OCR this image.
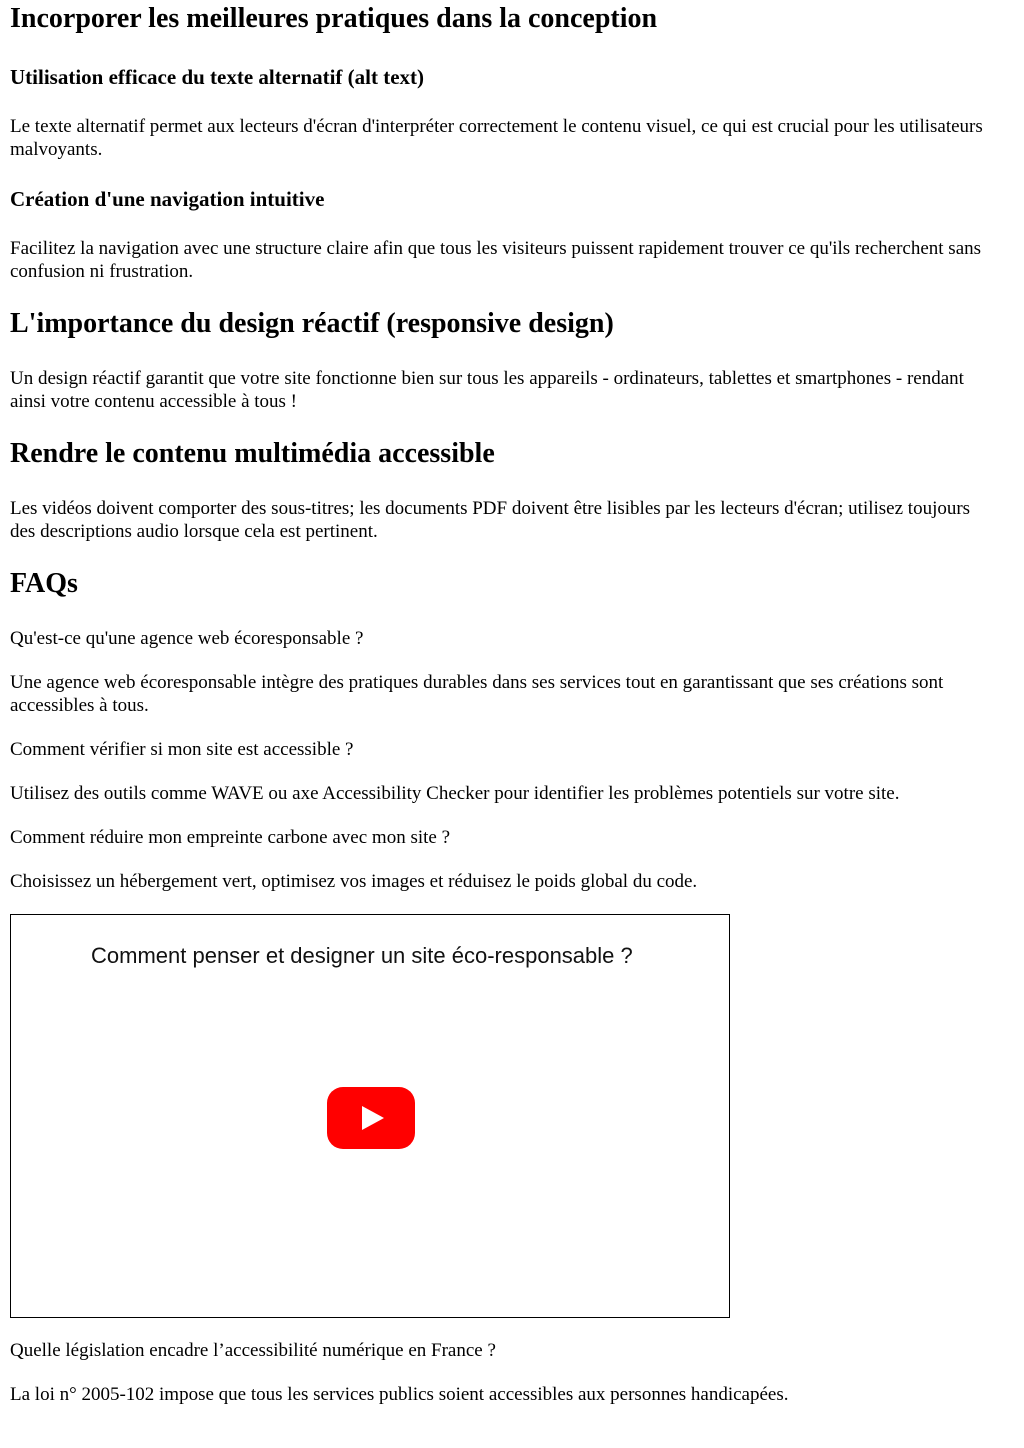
Incorporer les meilleures pratiques dans la conception
Utilisation efficace du texte alternatif (alt text)

Le texte alternatif permet aux lecteurs d'écran d'interpréter correctement le contenu visuel, ce qui est crucial pour les utilisateurs malvoyants.

Création d'une navigation intuitive

Facilitez la navigation avec une structure claire afin que tous les visiteurs puissent rapidement trouver ce qu'ils recherchent sans confusion ni frustration.

L'importance du design réactif (responsive design)

Un design réactif garantit que votre site fonctionne bien sur tous les appareils - ordinateurs, tablettes et smartphones - rendant ainsi votre contenu accessible à tous !

Rendre le contenu multimédia accessible

Les vidéos doivent comporter des sous-titres; les documents PDF doivent être lisibles par les lecteurs d'écran; utilisez toujours des descriptions audio lorsque cela est pertinent.

FAQs

Qu'est-ce qu'une agence web écoresponsable ?

Une agence web écoresponsable intègre des pratiques durables dans ses services tout en garantissant que ses créations sont accessibles à tous.

Comment vérifier si mon site est accessible ?

Utilisez des outils comme WAVE ou axe Accessibility Checker pour identifier les problèmes potentiels sur votre site.

Comment réduire mon empreinte carbone avec mon site ?

Choisissez un hébergement vert, optimisez vos images et réduisez le poids global du code.

Comment penser et designer un site éco-responsable ?

Quelle législation encadre l’accessibilité numérique en France ?

La loi n° 2005-102 impose que tous les services publics soient accessibles aux personnes handicapées.
